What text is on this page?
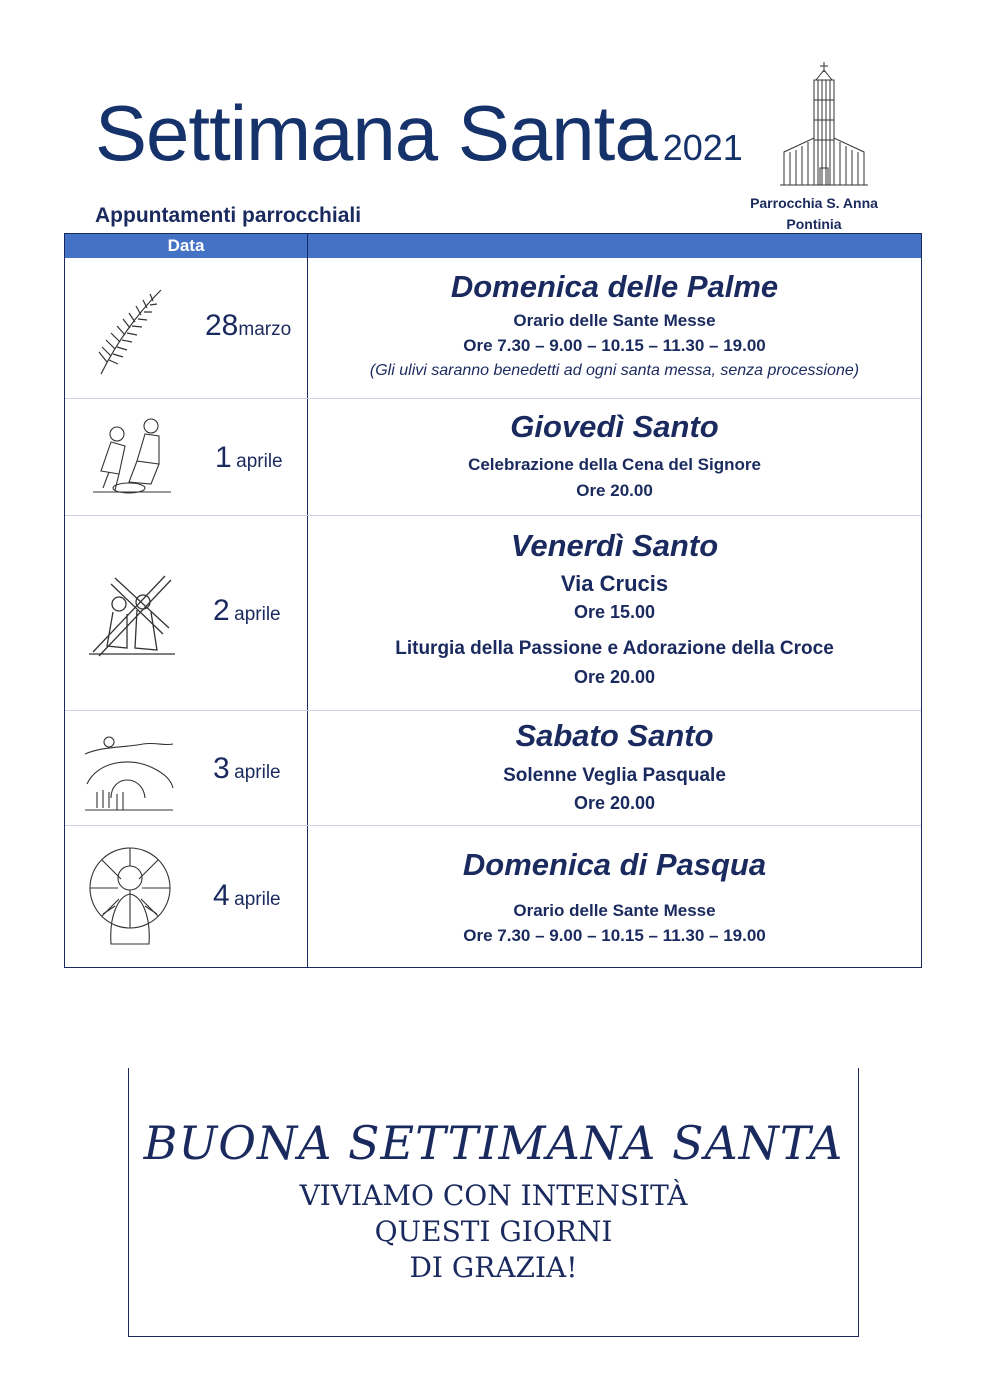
Settimana Santa 2021
Appuntamenti parrocchiali
Parrocchia S. Anna
Pontinia
Data
28marzo
Domenica delle Palme
Orario delle Sante Messe
Ore 7.30 – 9.00 – 10.15 – 11.30 – 19.00
(Gli ulivi saranno benedetti ad ogni santa messa, senza processione)
1 aprile
Giovedì Santo
Celebrazione della Cena del Signore
Ore 20.00
2 aprile
Venerdì Santo
Via Crucis
Ore 15.00
Liturgia della Passione e Adorazione della Croce
Ore 20.00
3 aprile
Sabato Santo
Solenne Veglia Pasquale
Ore 20.00
4 aprile
Domenica di Pasqua
Orario delle Sante Messe
Ore 7.30 – 9.00 – 10.15 – 11.30 – 19.00
BUONA SETTIMANA SANTA
VIVIAMO CON INTENSITÀ
QUESTI GIORNI
DI GRAZIA!
